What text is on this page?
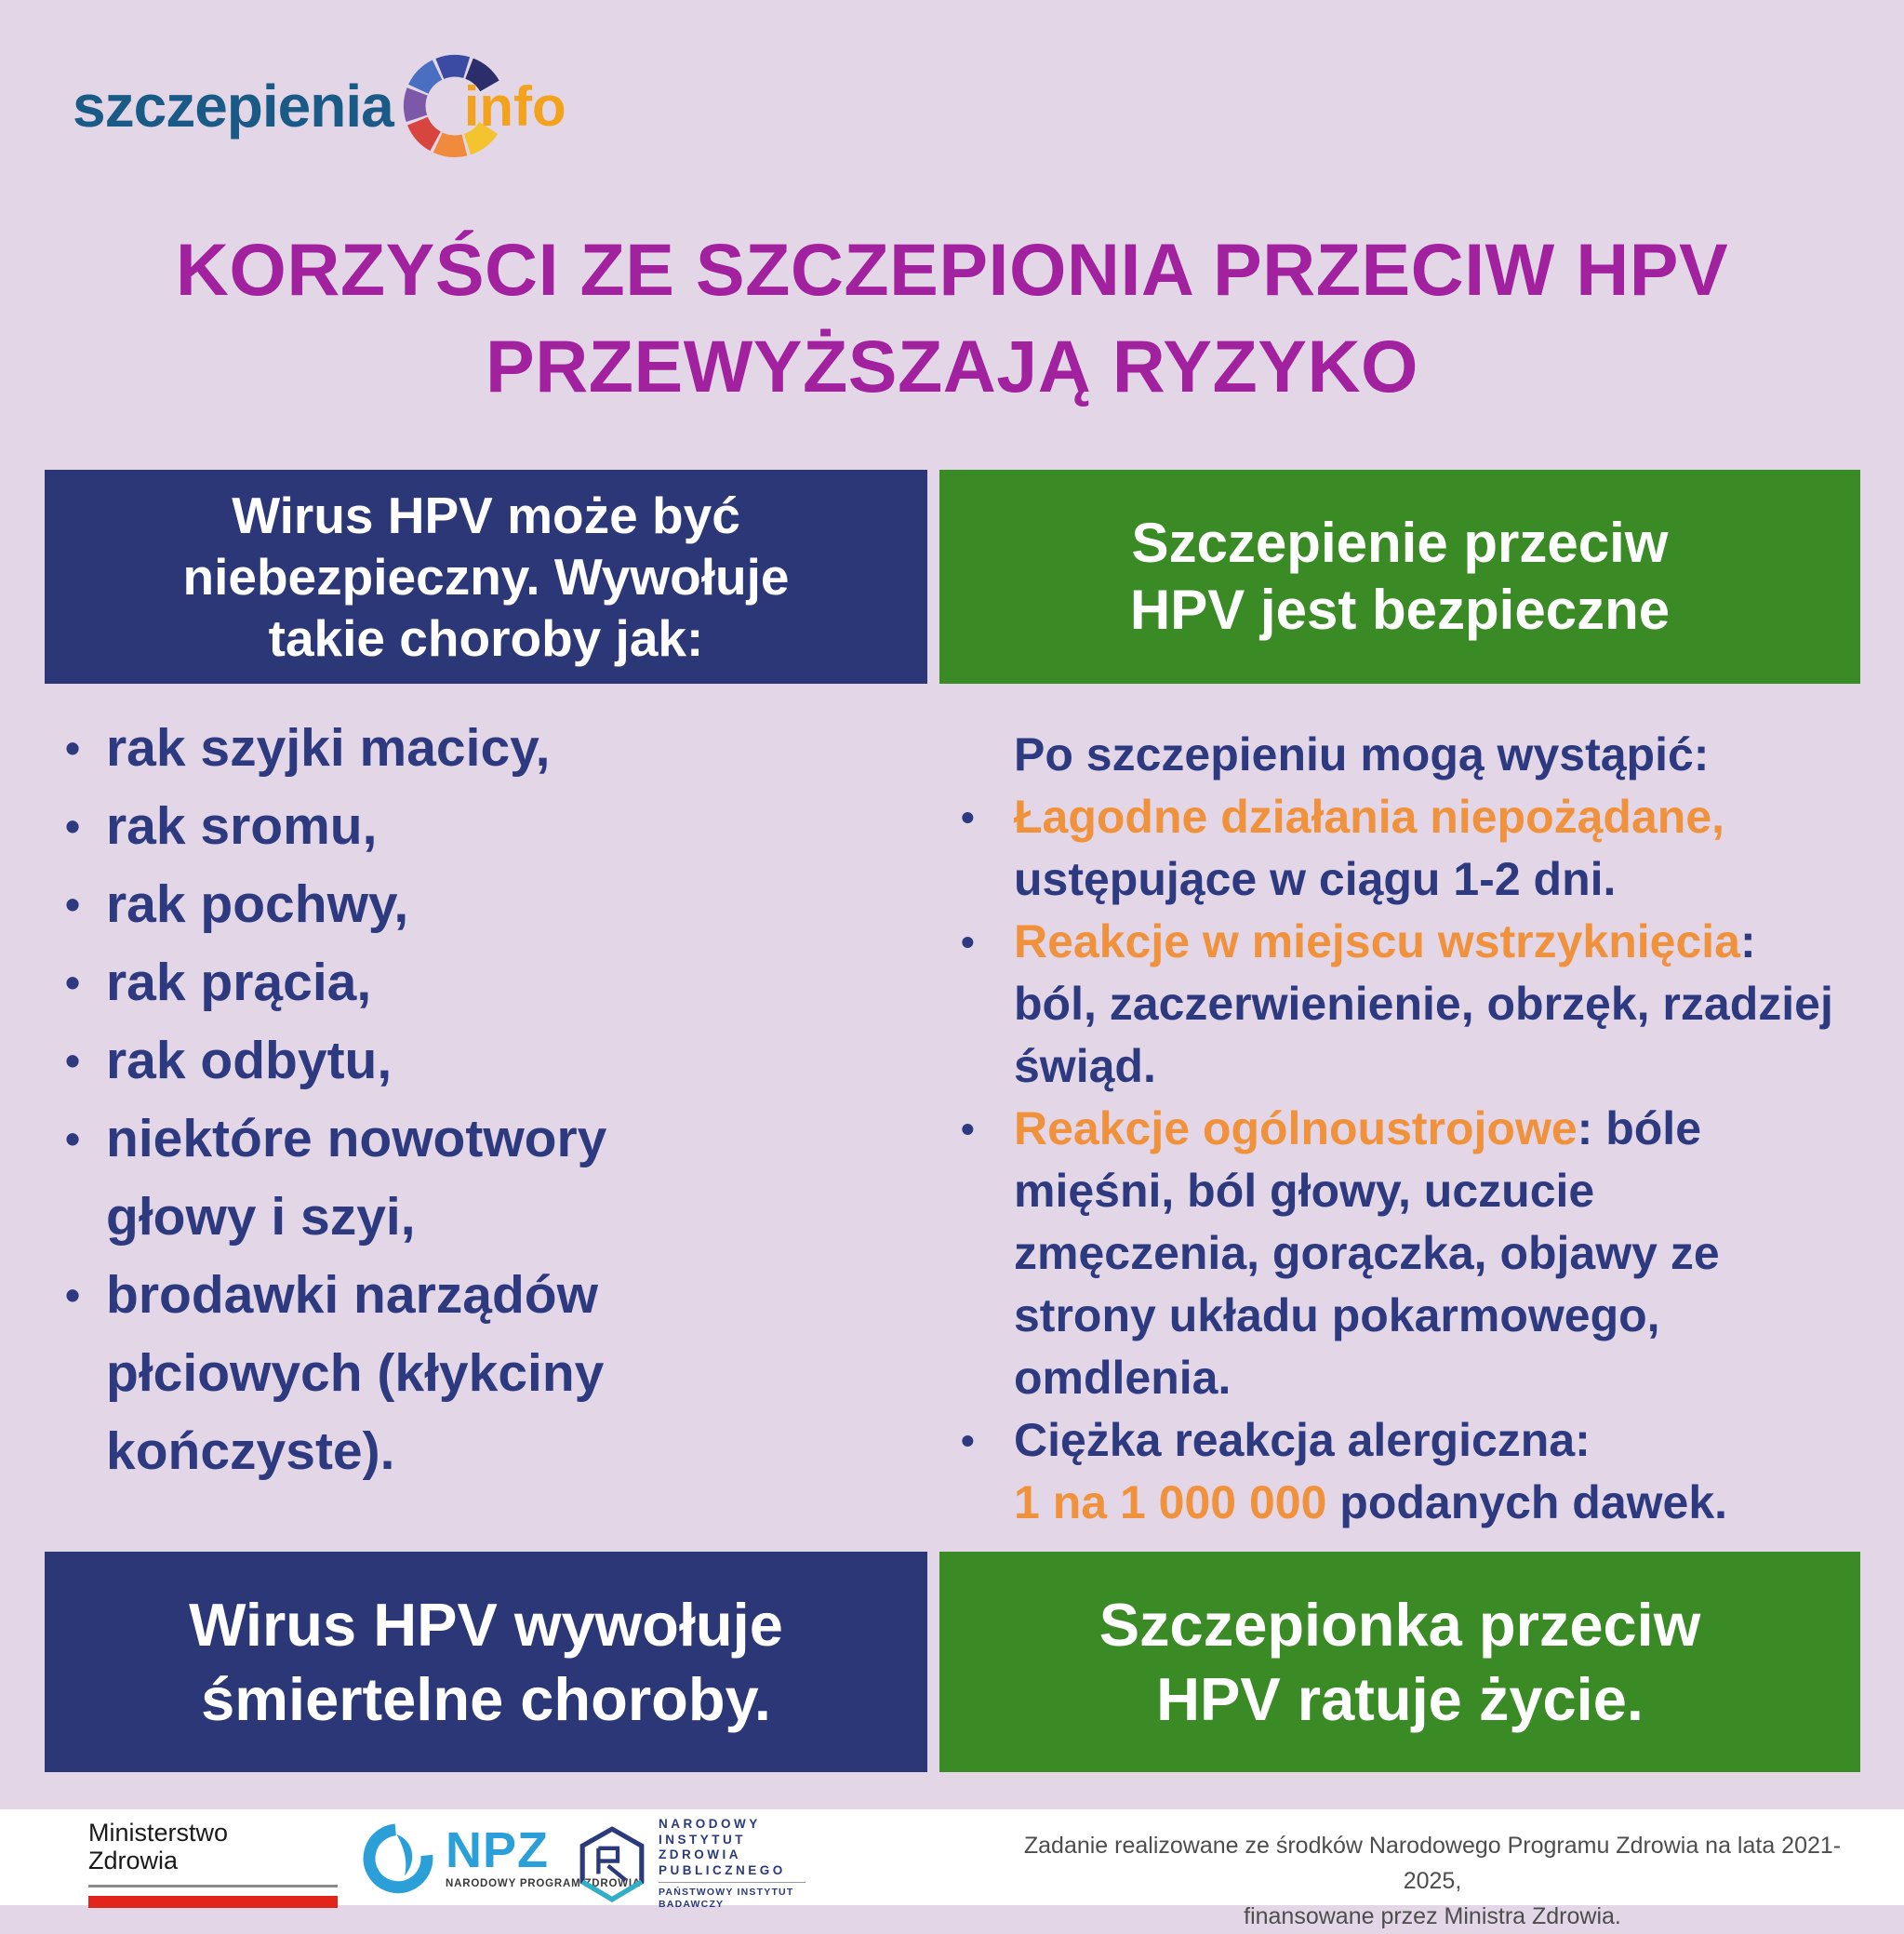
szczepienia info
KORZYŚCI ZE SZCZEPIONIA PRZECIW HPV
PRZEWYŻSZAJĄ RYZYKO
Wirus HPV może być
niebezpieczny. Wywołuje
takie choroby jak:
Szczepienie przeciw
HPV jest bezpieczne
• rak szyjki macicy,
• rak sromu,
• rak pochwy,
• rak prącia,
• rak odbytu,
• niektóre nowotwory głowy i szyi,
• brodawki narządów płciowych (kłykciny kończyste).
Po szczepieniu mogą wystąpić:
• Łagodne działania niepożądane,
ustępujące w ciągu 1-2 dni.
• Reakcje w miejscu wstrzyknięcia:
ból, zaczerwienienie, obrzęk, rzadziej świąd.
• Reakcje ogólnoustrojowe: bóle mięśni, ból głowy, uczucie zmęczenia, gorączka, objawy ze strony układu pokarmowego, omdlenia.
• Ciężka reakcja alergiczna:
1 na 1 000 000 podanych dawek.
Wirus HPV wywołuje
śmiertelne choroby.
Szczepionka przeciw
HPV ratuje życie.
Ministerstwo
Zdrowia	NPZ
NARODOWY PROGRAM ZDROWIA
NARODOWY
INSTYTUT
ZDROWIA
PUBLICZNEGO
PAŃSTWOWY INSTYTUT
BADAWCZY
Zadanie realizowane ze środków Narodowego Programu Zdrowia na lata 2021-2025,
finansowane przez Ministra Zdrowia.
